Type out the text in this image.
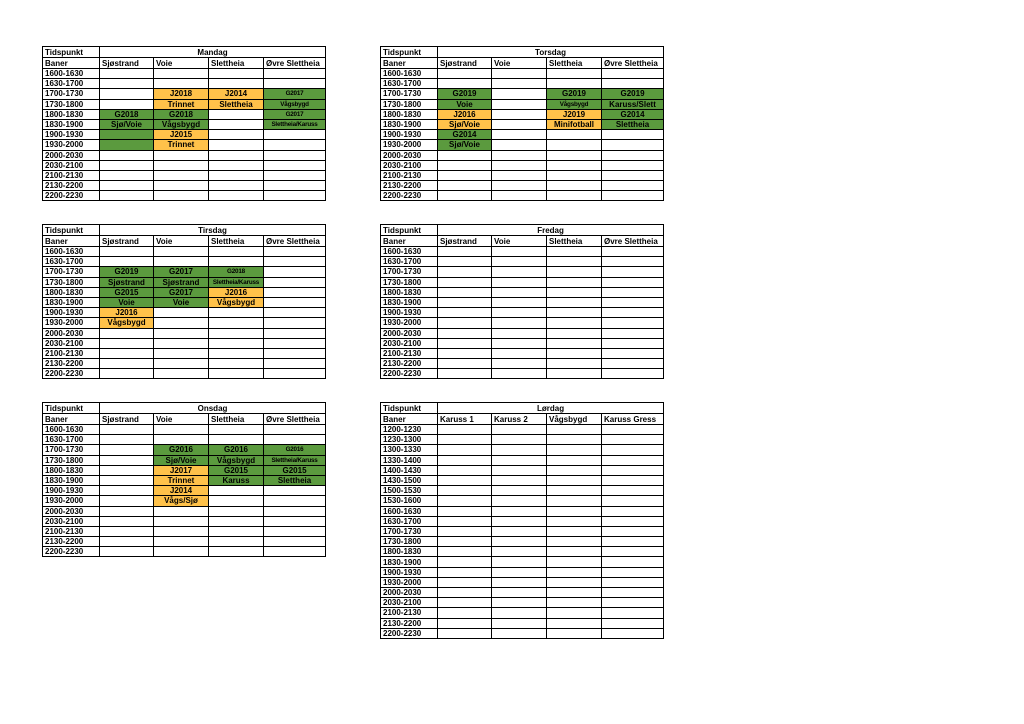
Tidspunkt	Mandag			
Baner	Sjøstrand	Voie	Slettheia	Øvre Slettheia
1600-1630				
1630-1700				
1700-1730		J2018	J2014	G2017
1730-1800		Trinnet	Slettheia	Vågsbygd
1800-1830	G2018	G2018		G2017
1830-1900	Sjø/Voie	Vågsbygd		Slettheia/Karuss
1900-1930		J2015		
1930-2000		Trinnet		
2000-2030				
2030-2100				
2100-2130				
2130-2200				
2200-2230				
Tidspunkt	Torsdag			
Baner	Sjøstrand	Voie	Slettheia	Øvre Slettheia
1600-1630				
1630-1700				
1700-1730	G2019		G2019	G2019
1730-1800	Voie		Vågsbygd	Karuss/Slett
1800-1830	J2016		J2019	G2014
1830-1900	Sjø/Voie		Minifotball	Slettheia
1900-1930	G2014			
1930-2000	Sjø/Voie			
2000-2030				
2030-2100				
2100-2130				
2130-2200				
2200-2230				
Tidspunkt	Tirsdag			
Baner	Sjøstrand	Voie	Slettheia	Øvre Slettheia
1600-1630				
1630-1700				
1700-1730	G2019	G2017	G2018	
1730-1800	Sjøstrand	Sjøstrand	Slettheia/Karuss	
1800-1830	G2015	G2017	J2016	
1830-1900	Voie	Voie	Vågsbygd	
1900-1930	J2016			
1930-2000	Vågsbygd			
2000-2030				
2030-2100				
2100-2130				
2130-2200				
2200-2230				
Tidspunkt	Fredag			
Baner	Sjøstrand	Voie	Slettheia	Øvre Slettheia
1600-1630				
1630-1700				
1700-1730				
1730-1800				
1800-1830				
1830-1900				
1900-1930				
1930-2000				
2000-2030				
2030-2100				
2100-2130				
2130-2200				
2200-2230				
Tidspunkt	Onsdag			
Baner	Sjøstrand	Voie	Slettheia	Øvre Slettheia
1600-1630				
1630-1700				
1700-1730		G2016	G2016	G2016
1730-1800		Sjø/Voie	Vågsbygd	Slettheia/Karuss
1800-1830		J2017	G2015	G2015
1830-1900		Trinnet	Karuss	Slettheia
1900-1930		J2014		
1930-2000		Vågs/Sjø		
2000-2030				
2030-2100				
2100-2130				
2130-2200				
2200-2230				
Tidspunkt	Lørdag			
Baner	Karuss 1	Karuss 2	Vågsbygd	Karuss Gress
1200-1230				
1230-1300				
1300-1330				
1330-1400				
1400-1430				
1430-1500				
1500-1530				
1530-1600				
1600-1630				
1630-1700				
1700-1730				
1730-1800				
1800-1830				
1830-1900				
1900-1930				
1930-2000				
2000-2030				
2030-2100				
2100-2130				
2130-2200				
2200-2230				
